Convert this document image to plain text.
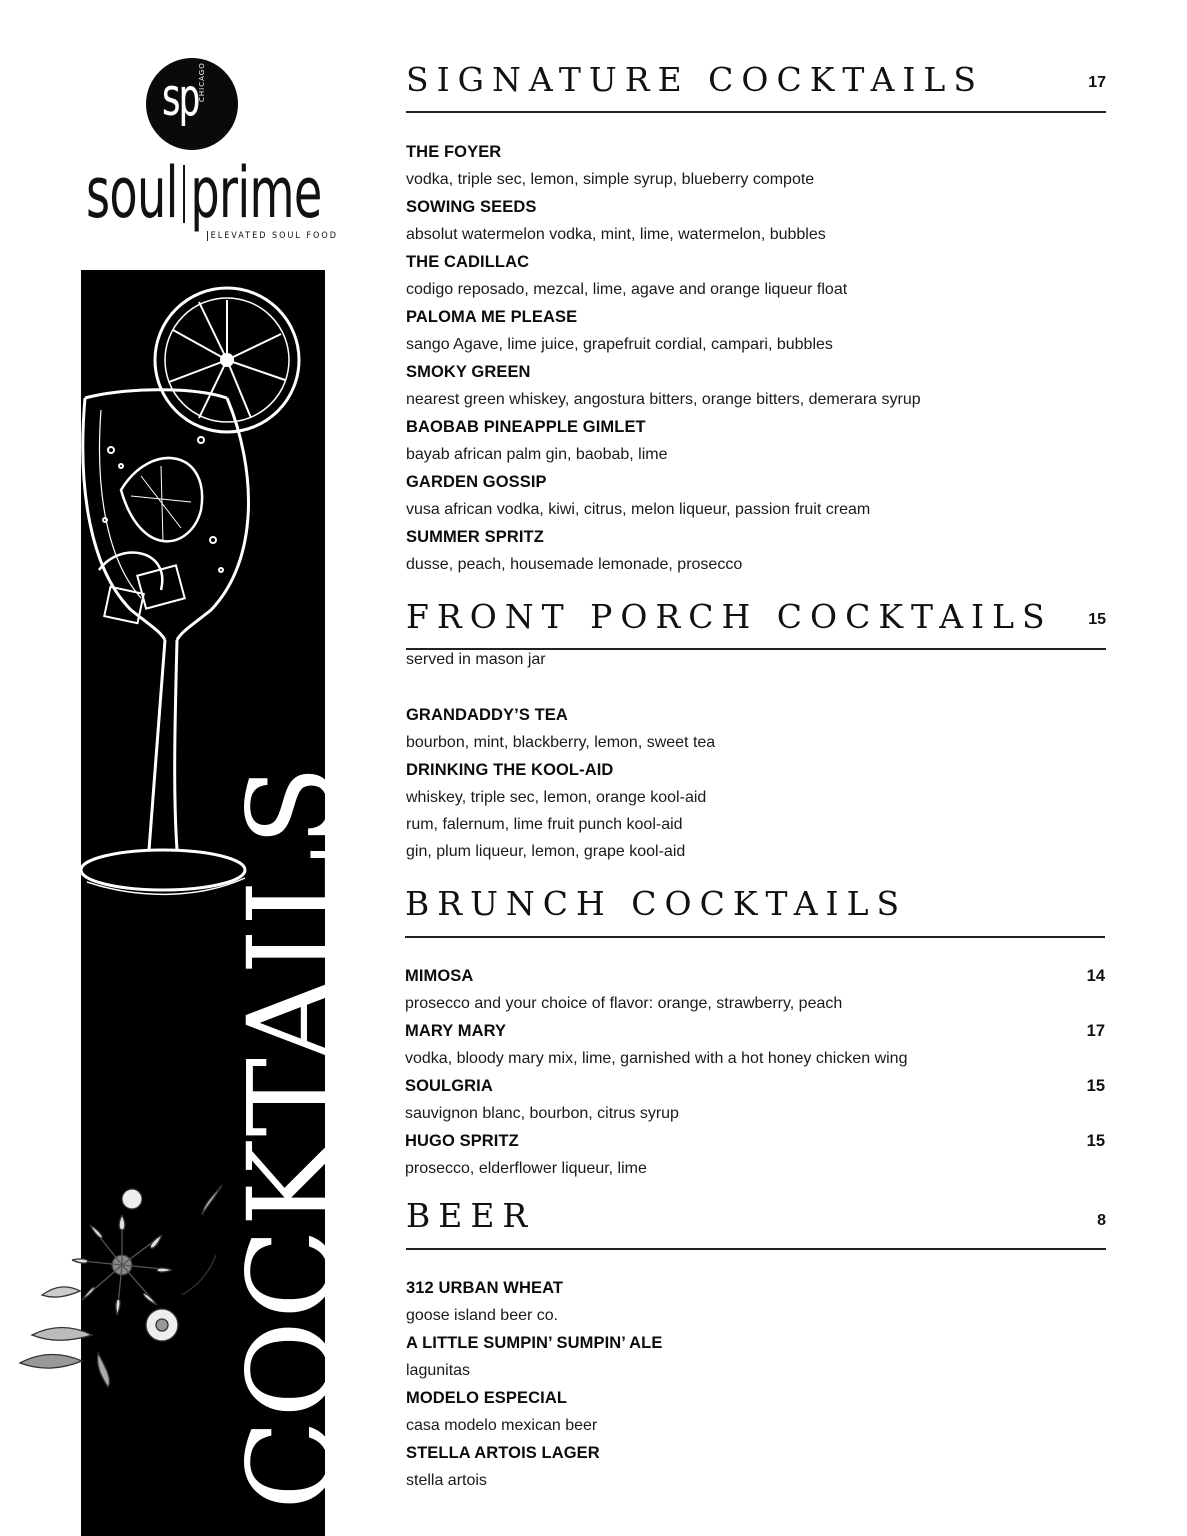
sp CHICAGO
soul prime
ELEVATED SOUL FOOD
COCKTAILS
SIGNATURE COCKTAILS	17
THE FOYER
vodka, triple sec, lemon, simple syrup, blueberry compote
SOWING SEEDS
absolut watermelon vodka, mint, lime, watermelon, bubbles
THE CADILLAC
codigo reposado, mezcal, lime, agave and orange liqueur float
PALOMA ME PLEASE
sango Agave, lime juice, grapefruit cordial, campari, bubbles
SMOKY GREEN
nearest green whiskey, angostura bitters, orange bitters, demerara syrup
BAOBAB PINEAPPLE GIMLET
bayab african palm gin, baobab, lime
GARDEN GOSSIP
vusa african vodka, kiwi, citrus, melon liqueur, passion fruit cream
SUMMER SPRITZ
dusse, peach, housemade lemonade, prosecco
FRONT PORCH COCKTAILS	15
served in mason jar
GRANDADDY’S TEA
bourbon, mint, blackberry, lemon, sweet tea
DRINKING THE KOOL-AID
whiskey, triple sec, lemon, orange kool-aid
rum, falernum, lime fruit punch kool-aid
gin, plum liqueur, lemon, grape kool-aid
BRUNCH COCKTAILS
MIMOSA	14
prosecco and your choice of flavor: orange, strawberry, peach
MARY MARY	17
vodka, bloody mary mix, lime, garnished with a hot honey chicken wing
SOULGRIA	15
sauvignon blanc, bourbon, citrus syrup
HUGO SPRITZ	15
prosecco, elderflower liqueur, lime
BEER	8
312 URBAN WHEAT
goose island beer co.
A LITTLE SUMPIN’ SUMPIN’ ALE
lagunitas
MODELO ESPECIAL
casa modelo mexican beer
STELLA ARTOIS LAGER
stella artois
